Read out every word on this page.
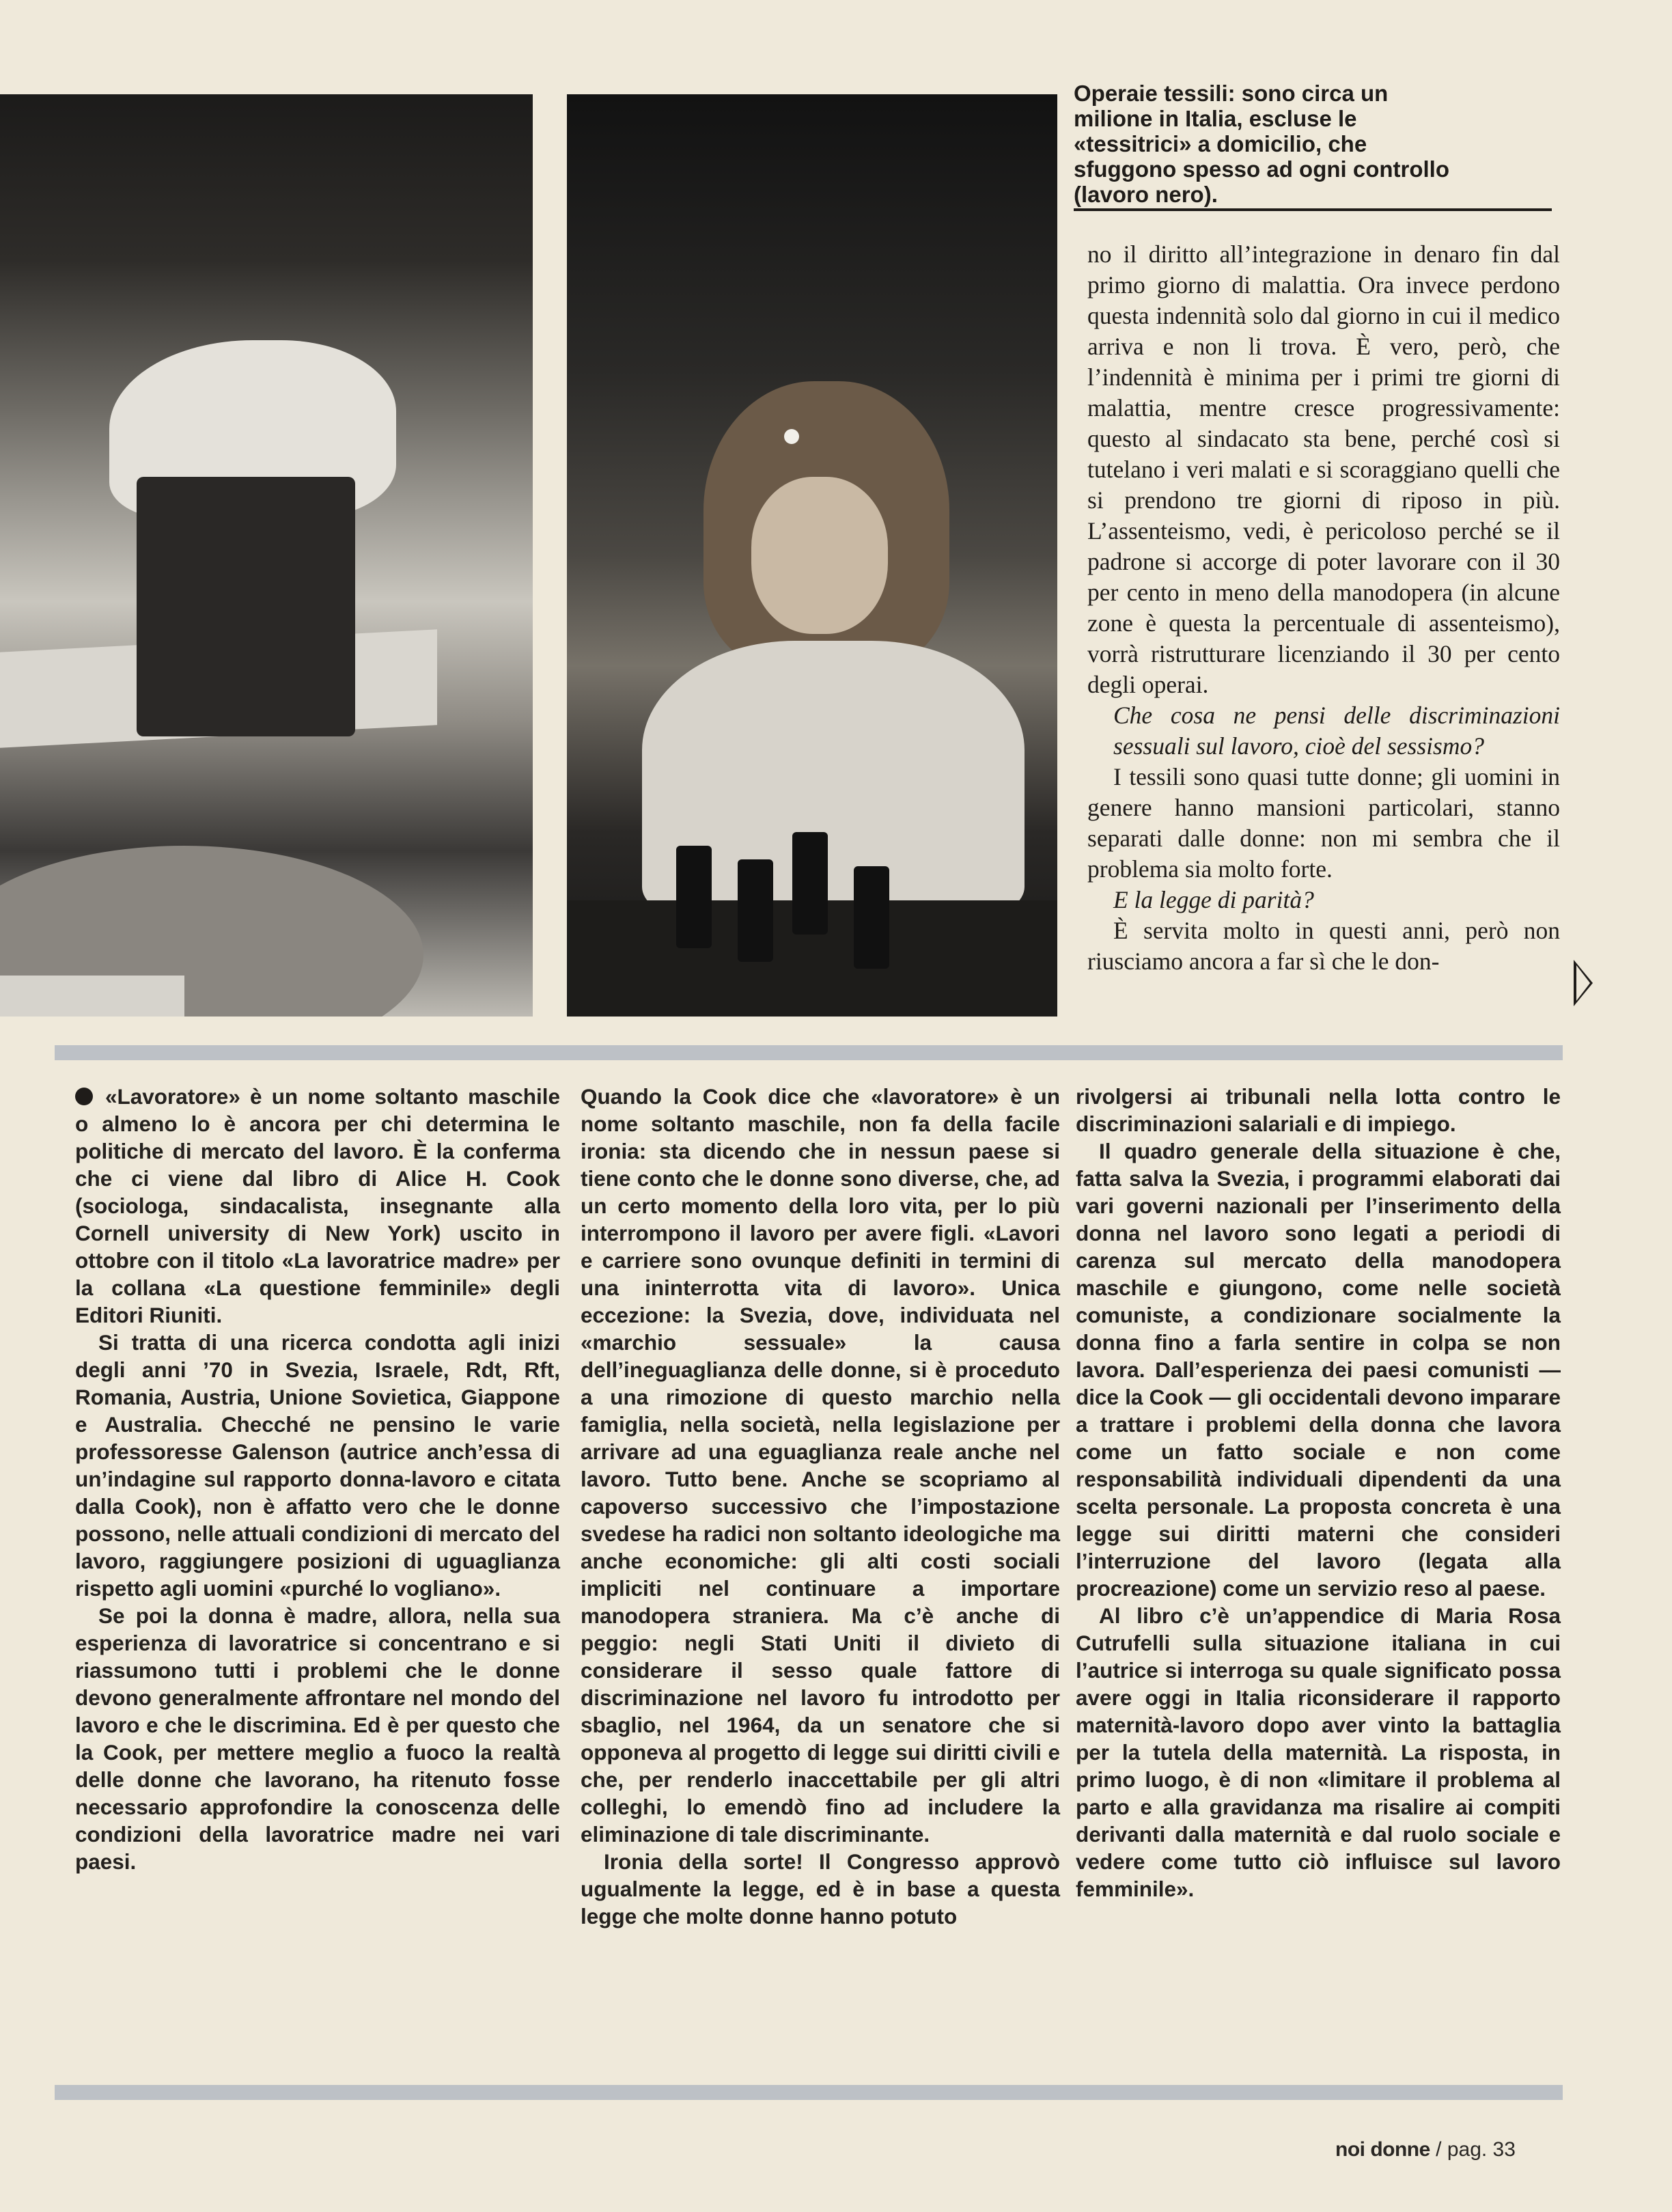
Operaie tessili: sono circa un milione in Italia, escluse le «tessitrici» a domicilio, che sfuggono spesso ad ogni controllo (lavoro nero).

no il diritto all’integrazione in denaro fin dal primo giorno di malattia. Ora invece perdono questa indennità solo dal giorno in cui il medico arriva e non li trova. È vero, però, che l’indennità è minima per i primi tre giorni di malattia, mentre cresce progressivamente: questo al sindacato sta bene, perché così si tutelano i veri malati e si scoraggiano quelli che si prendono tre giorni di riposo in più. L’assenteismo, vedi, è pericoloso perché se il padrone si accorge di poter lavorare con il 30 per cento in meno della manodopera (in alcune zone è questa la percentuale di assenteismo), vorrà ristrutturare licenziando il 30 per cento degli operai.

Che cosa ne pensi delle discriminazioni sessuali sul lavoro, cioè del sessismo?

I tessili sono quasi tutte donne; gli uomini in genere hanno mansioni particolari, stanno separati dalle donne: non mi sembra che il problema sia molto forte.

E la legge di parità?

È servita molto in questi anni, però non riusciamo ancora a far sì che le don-

«Lavoratore» è un nome soltanto maschile o almeno lo è ancora per chi determina le politiche di mercato del lavoro. È la conferma che ci viene dal libro di Alice H. Cook (sociologa, sindacalista, insegnante alla Cornell university di New York) uscito in ottobre con il titolo «La lavoratrice madre» per la collana «La questione femminile» degli Editori Riuniti.

Si tratta di una ricerca condotta agli inizi degli anni ’70 in Svezia, Israele, Rdt, Rft, Romania, Austria, Unione Sovietica, Giappone e Australia. Checché ne pensino le varie professoresse Galenson (autrice anch’essa di un’indagine sul rapporto donna-lavoro e citata dalla Cook), non è affatto vero che le donne possono, nelle attuali condizioni di mercato del lavoro, raggiungere posizioni di uguaglianza rispetto agli uomini «purché lo vogliano».

Se poi la donna è madre, allora, nella sua esperienza di lavoratrice si concentrano e si riassumono tutti i problemi che le donne devono generalmente affrontare nel mondo del lavoro e che le discrimina. Ed è per questo che la Cook, per mettere meglio a fuoco la realtà delle donne che lavorano, ha ritenuto fosse necessario approfondire la conoscenza delle condizioni della lavoratrice madre nei vari paesi.

Quando la Cook dice che «lavoratore» è un nome soltanto maschile, non fa della facile ironia: sta dicendo che in nessun paese si tiene conto che le donne sono diverse, che, ad un certo momento della loro vita, per lo più interrompono il lavoro per avere figli. «Lavori e carriere sono ovunque definiti in termini di una ininterrotta vita di lavoro». Unica eccezione: la Svezia, dove, individuata nel «marchio sessuale» la causa dell’ineguaglianza delle donne, si è proceduto a una rimozione di questo marchio nella famiglia, nella società, nella legislazione per arrivare ad una eguaglianza reale anche nel lavoro. Tutto bene. Anche se scopriamo al capoverso successivo che l’impostazione svedese ha radici non soltanto ideologiche ma anche economiche: gli alti costi sociali impliciti nel continuare a importare manodopera straniera. Ma c’è anche di peggio: negli Stati Uniti il divieto di considerare il sesso quale fattore di discriminazione nel lavoro fu introdotto per sbaglio, nel 1964, da un senatore che si opponeva al progetto di legge sui diritti civili e che, per renderlo inaccettabile per gli altri colleghi, lo emendò fino ad includere la eliminazione di tale discriminante.

Ironia della sorte! Il Congresso approvò ugualmente la legge, ed è in base a questa legge che molte donne hanno potuto

rivolgersi ai tribunali nella lotta contro le discriminazioni salariali e di impiego.

Il quadro generale della situazione è che, fatta salva la Svezia, i programmi elaborati dai vari governi nazionali per l’inserimento della donna nel lavoro sono legati a periodi di carenza sul mercato della manodopera maschile e giungono, come nelle società comuniste, a condizionare socialmente la donna fino a farla sentire in colpa se non lavora. Dall’esperienza dei paesi comunisti — dice la Cook — gli occidentali devono imparare a trattare i problemi della donna che lavora come un fatto sociale e non come responsabilità individuali dipendenti da una scelta personale. La proposta concreta è una legge sui diritti materni che consideri l’interruzione del lavoro (legata alla procreazione) come un servizio reso al paese.

Al libro c’è un’appendice di Maria Rosa Cutrufelli sulla situazione italiana in cui l’autrice si interroga su quale significato possa avere oggi in Italia riconsiderare il rapporto maternità-lavoro dopo aver vinto la battaglia per la tutela della maternità. La risposta, in primo luogo, è di non «limitare il problema al parto e alla gravidanza ma risalire ai compiti derivanti dalla maternità e dal ruolo sociale e vedere come tutto ciò influisce sul lavoro femminile».

noi donne / pag. 33
